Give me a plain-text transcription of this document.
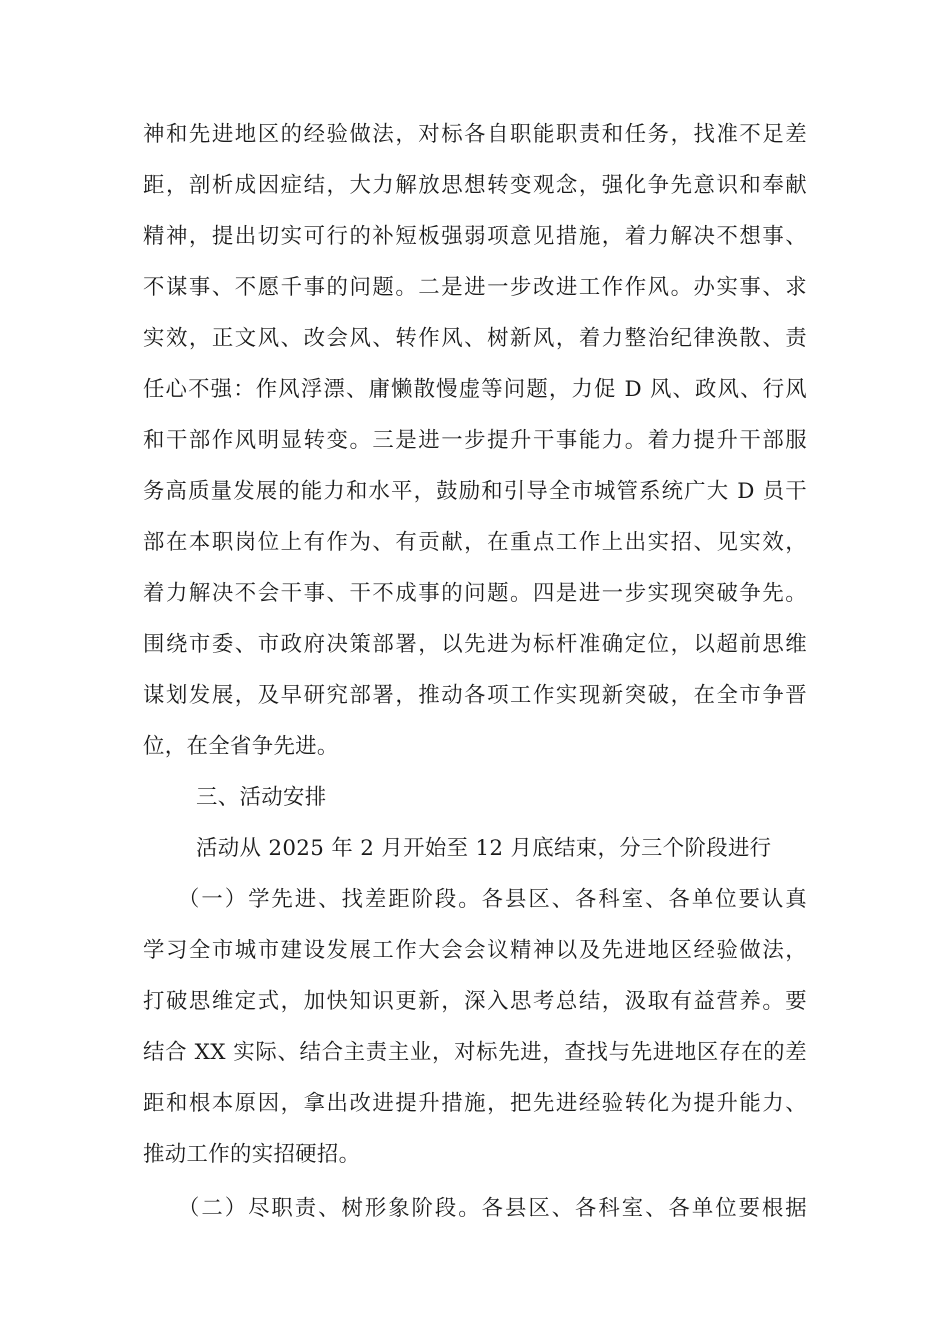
神和先进地区的经验做法，对标各自职能职责和任务，找准不足差
距，剖析成因症结，大力解放思想转变观念，强化争先意识和奉献
精神，提出切实可行的补短板强弱项意见措施，着力解决不想事、
不谋事、不愿千事的问题。二是进一步改进工作作风。办实事、求
实效，正文风、改会风、转作风、树新风，着力整治纪律涣散、责
任心不强：作风浮漂、庸懒散慢虚等问题，力促 D 风、政风、行风
和干部作风明显转变。三是进一步提升干事能力。着力提升干部服
务高质量发展的能力和水平，鼓励和引导全市城管系统广大 D 员干
部在本职岗位上有作为、有贡献，在重点工作上出实招、见实效，
着力解决不会干事、干不成事的问题。四是进一步实现突破争先。
围绕市委、市政府决策部署，以先进为标杆准确定位，以超前思维
谋划发展，及早研究部署，推动各项工作实现新突破，在全市争晋
位，在全省争先进。
三、活动安排
活动从 2025 年 2 月开始至 12 月底结束，分三个阶段进行
（一）学先进、找差距阶段。各县区、各科室、各单位要认真
学习全市城市建设发展工作大会会议精神以及先进地区经验做法，
打破思维定式，加快知识更新，深入思考总结，汲取有益营养。要
结合 XX 实际、结合主责主业，对标先进，查找与先进地区存在的差
距和根本原因，拿出改进提升措施，把先进经验转化为提升能力、
推动工作的实招硬招。
（二）尽职责、树形象阶段。各县区、各科室、各单位要根据
